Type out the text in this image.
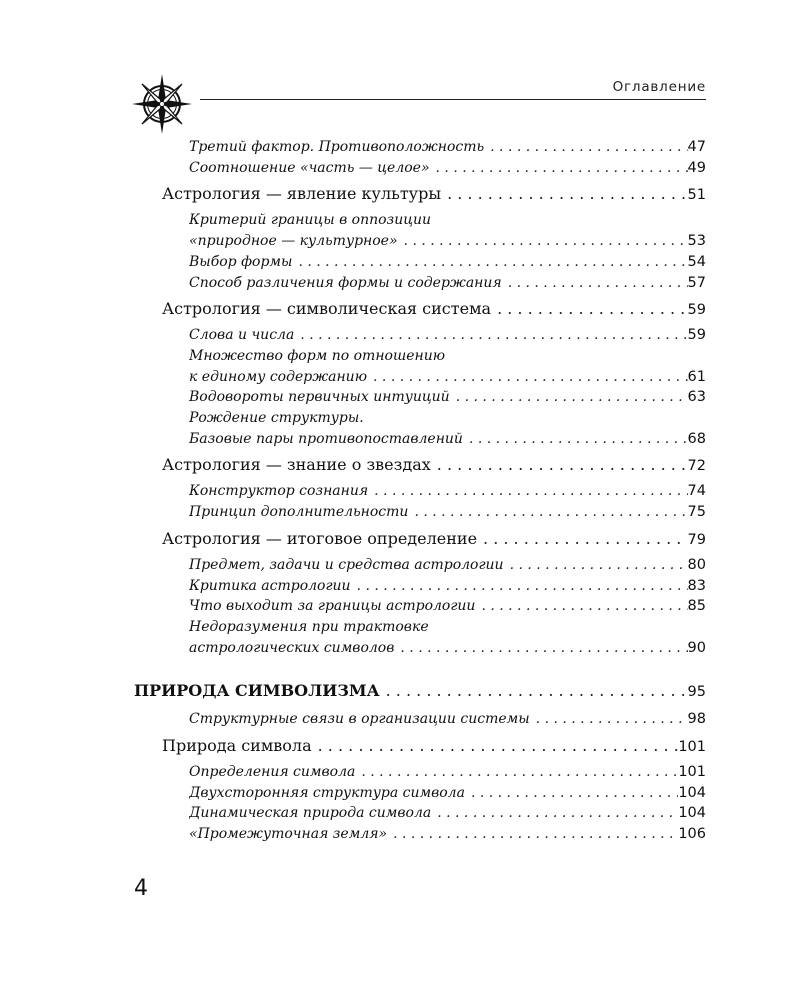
Оглавление
Третий фактор. Противоположность . . .	47
Соотношение «часть — целое» . . .	49
Астрология — явление культуры . . .	51
Критерий границы в оппозиции
«природное — культурное» . . .	53
Выбор формы . . .	54
Способ различения формы и содержания . . .	57
Астрология — символическая система . . .	59
Слова и числа . . .	59
Множество форм по отношению
к единому содержанию . . .	61
Водовороты первичных интуиций . . .	63
Рождение структуры.
Базовые пары противопоставлений . . .	68
Астрология — знание о звездах . . .	72
Конструктор сознания . . .	74
Принцип дополнительности . . .	75
Астрология — итоговое определение . . .	79
Предмет, задачи и средства астрологии . . .	80
Критика астрологии . . .	83
Что выходит за границы астрологии . . .	85
Недоразумения при трактовке
астрологических символов . . .	90
ПРИРОДА СИМВОЛИЗМА . . .	95
Структурные связи в организации системы . . .	98
Природа символа . . .	101
Определения символа . . .	101
Двухсторонняя структура символа . . .	104
Динамическая природа символа . . .	104
«Промежуточная земля» . . .	106
4
